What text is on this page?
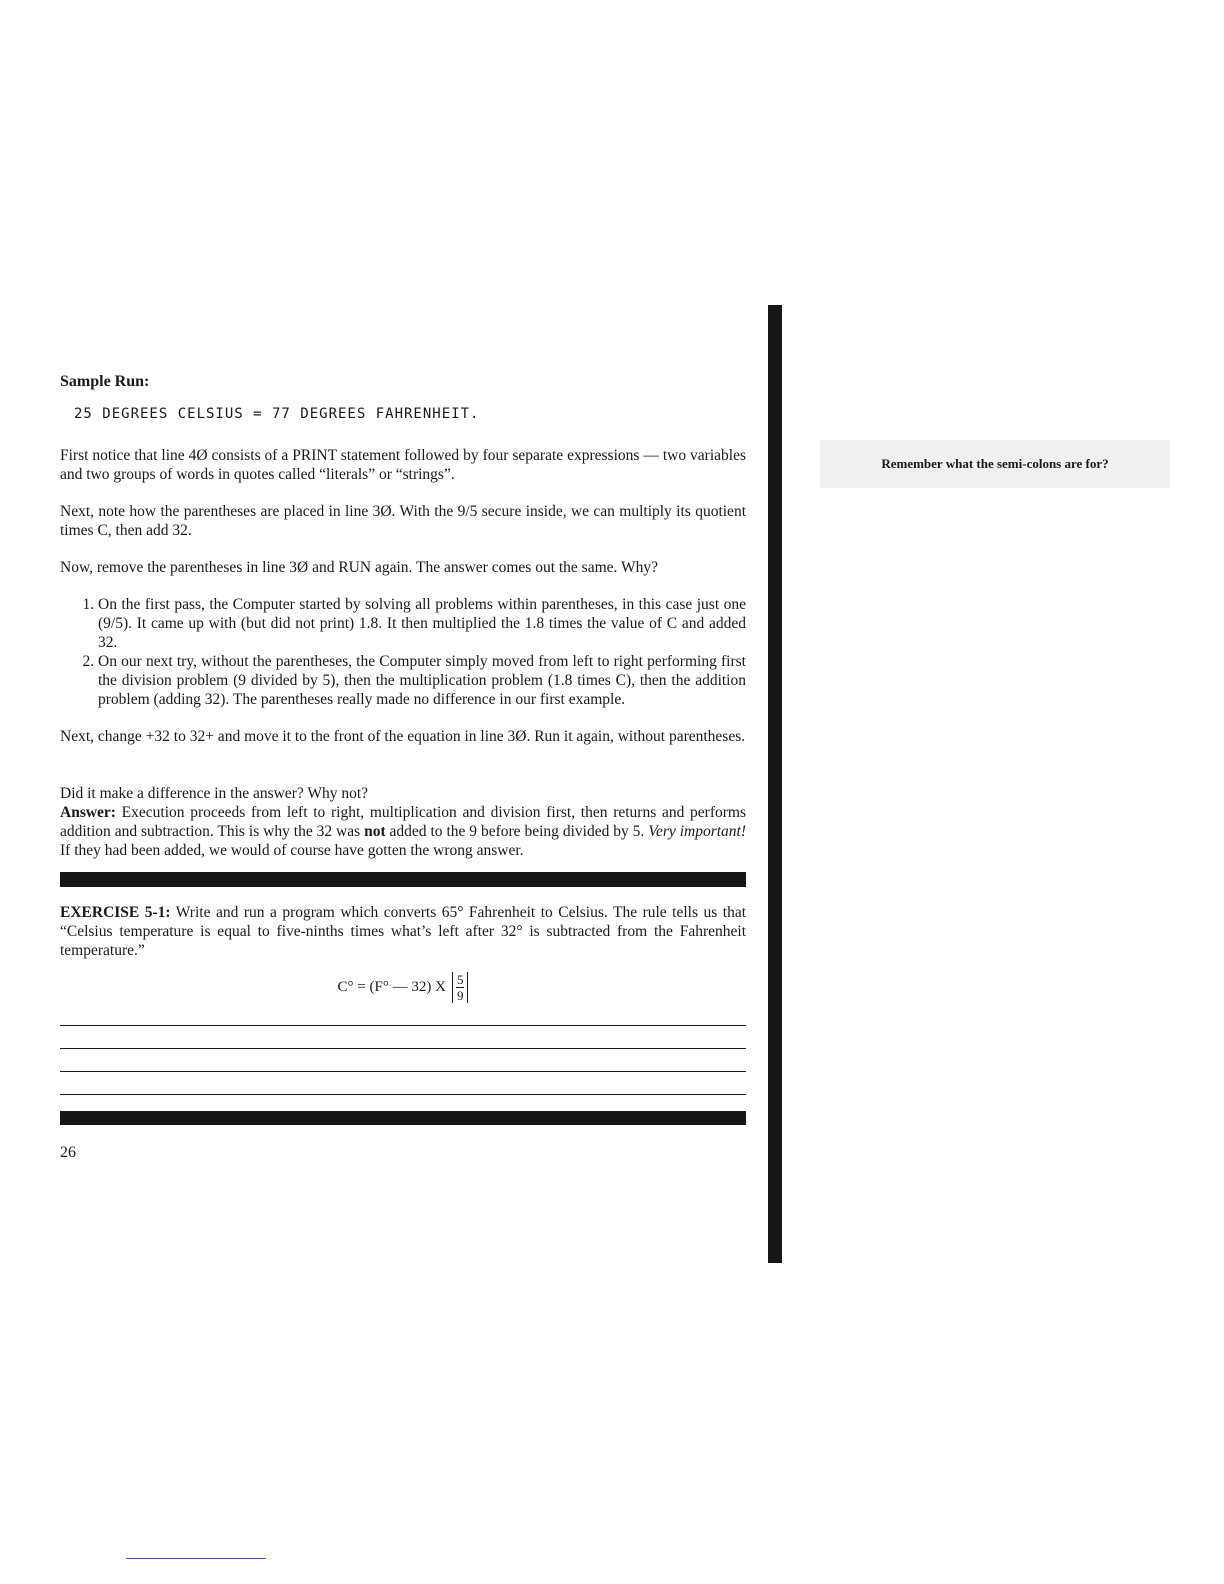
Sample Run:
25 DEGREES CELSIUS = 77 DEGREES FAHRENHEIT.

First notice that line 4Ø consists of a PRINT statement followed by four separate expressions — two variables and two groups of words in quotes called “literals” or “strings”.

Next, note how the parentheses are placed in line 3Ø. With the 9/5 secure inside, we can multiply its quotient times C, then add 32.

Now, remove the parentheses in line 3Ø and RUN again. The answer comes out the same. Why?

1. On the first pass, the Computer started by solving all problems within parentheses, in this case just one (9/5). It came up with (but did not print) 1.8. It then multiplied the 1.8 times the value of C and added 32.
2. On our next try, without the parentheses, the Computer simply moved from left to right performing first the division problem (9 divided by 5), then the multiplication problem (1.8 times C), then the addition problem (adding 32). The parentheses really made no difference in our first example.

Next, change +32 to 32+ and move it to the front of the equation in line 3Ø. Run it again, without parentheses.

Did it make a difference in the answer? Why not?

Answer: Execution proceeds from left to right, multiplication and division first, then returns and performs addition and subtraction. This is why the 32 was not added to the 9 before being divided by 5. Very important! If they had been added, we would of course have gotten the wrong answer.

EXERCISE 5-1: Write and run a program which converts 65° Fahrenheit to Celsius. The rule tells us that “Celsius temperature is equal to five-ninths times what’s left after 32° is subtracted from the Fahrenheit temperature.”

C° = (F° — 32) X $\frac{5}{9}$
26
Remember what the semi-colons are for?
